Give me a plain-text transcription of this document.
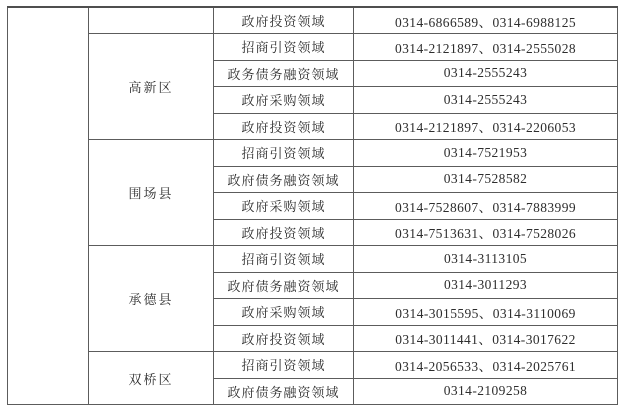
		政府投资领域	0314-6866589、0314-6988125
	高新区	招商引资领域	0314-2121897、0314-2555028
		政务债务融资领域	0314-2555243
		政府采购领域	0314-2555243
		政府投资领域	0314-2121897、0314-2206053
	围场县	招商引资领域	0314-7521953
		政府债务融资领域	0314-7528582
		政府采购领域	0314-7528607、0314-7883999
		政府投资领域	0314-7513631、0314-7528026
	承德县	招商引资领域	0314-3113105
		政府债务融资领域	0314-3011293
		政府采购领域	0314-3015595、0314-3110069
		政府投资领域	0314-3011441、0314-3017622
	双桥区	招商引资领域	0314-2056533、0314-2025761
		政府债务融资领域	0314-2109258
